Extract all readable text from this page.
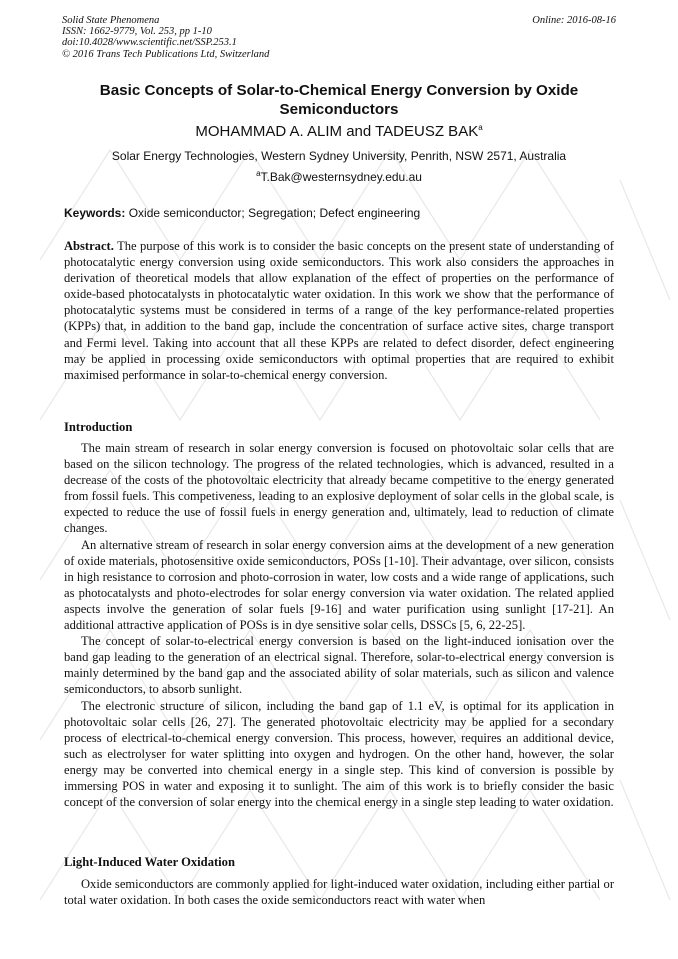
Solid State Phenomena
ISSN: 1662-9779, Vol. 253, pp 1-10
doi:10.4028/www.scientific.net/SSP.253.1
© 2016 Trans Tech Publications Ltd, Switzerland
Online: 2016-08-16
Basic Concepts of Solar-to-Chemical Energy Conversion by Oxide Semiconductors
MOHAMMAD A. ALIM and TADEUSZ BAK$^a$
Solar Energy Technologies, Western Sydney University, Penrith, NSW 2571, Australia
$^a$T.Bak@westernsydney.edu.au
Keywords: Oxide semiconductor; Segregation; Defect engineering
Abstract. The purpose of this work is to consider the basic concepts on the present state of understanding of photocatalytic energy conversion using oxide semiconductors. This work also considers the approaches in derivation of theoretical models that allow explanation of the effect of properties on the performance of oxide-based photocatalysts in photocatalytic water oxidation. In this work we show that the performance of photocatalytic systems must be considered in terms of a range of the key performance-related properties (KPPs) that, in addition to the band gap, include the concentration of surface active sites, charge transport and Fermi level. Taking into account that all these KPPs are related to defect disorder, defect engineering may be applied in processing oxide semiconductors with optimal properties that are required to exhibit maximised performance in solar-to-chemical energy conversion.
Introduction

The main stream of research in solar energy conversion is focused on photovoltaic solar cells that are based on the silicon technology. The progress of the related technologies, which is advanced, resulted in a decrease of the costs of the photovoltaic electricity that already became competitive to the energy generated from fossil fuels. This competiveness, leading to an explosive deployment of solar cells in the global scale, is expected to reduce the use of fossil fuels in energy generation and, ultimately, lead to reduction of climate changes.

An alternative stream of research in solar energy conversion aims at the development of a new generation of oxide materials, photosensitive oxide semiconductors, POSs [1-10]. Their advantage, over silicon, consists in high resistance to corrosion and photo-corrosion in water, low costs and a wide range of applications, such as photocatalysts and photo-electrodes for solar energy conversion via water oxidation. The related applied aspects involve the generation of solar fuels [9-16] and water purification using sunlight [17-21]. An additional attractive application of POSs is in dye sensitive solar cells, DSSCs [5, 6, 22-25].

The concept of solar-to-electrical energy conversion is based on the light-induced ionisation over the band gap leading to the generation of an electrical signal. Therefore, solar-to-electrical energy conversion is mainly determined by the band gap and the associated ability of solar materials, such as silicon and valence semiconductors, to absorb sunlight.

The electronic structure of silicon, including the band gap of 1.1 eV, is optimal for its application in photovoltaic solar cells [26, 27]. The generated photovoltaic electricity may be applied for a secondary process of electrical-to-chemical energy conversion. This process, however, requires an additional device, such as electrolyser for water splitting into oxygen and hydrogen. On the other hand, however, the solar energy may be converted into chemical energy in a single step. This kind of conversion is possible by immersing POS in water and exposing it to sunlight. The aim of this work is to briefly consider the basic concept of the conversion of solar energy into the chemical energy in a single step leading to water oxidation.

Light-Induced Water Oxidation

Oxide semiconductors are commonly applied for light-induced water oxidation, including either partial or total water oxidation. In both cases the oxide semiconductors react with water when
